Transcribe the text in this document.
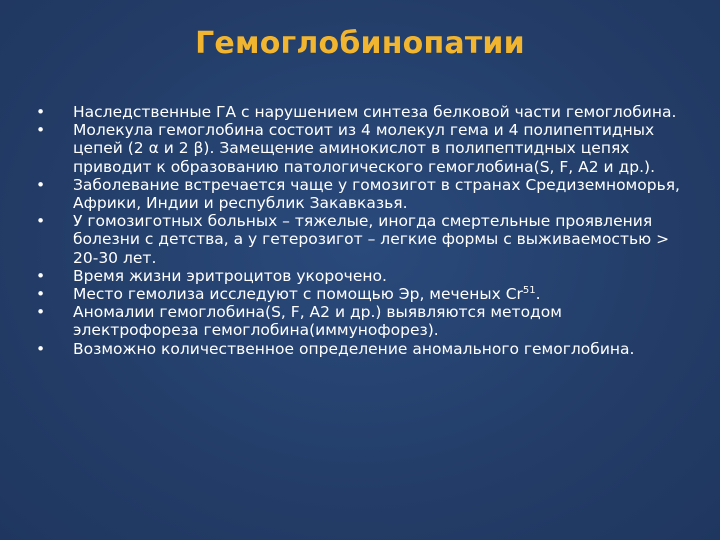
Гемоглобинопатии
•	Наследственные ГА с нарушением синтеза белковой части гемоглобина.
•	Молекула гемоглобина состоит из 4 молекул гема и 4 полипептидных цепей (2 α и 2 β). Замещение аминокислот в полипептидных цепях приводит к образованию патологического гемоглобина(S, F, A2 и др.).
•	Заболевание встречается чаще у гомозигот в странах Средиземноморья, Африки, Индии и республик Закавказья.
•	У гомозиготных больных – тяжелые, иногда смертельные проявления болезни с детства, а у гетерозигот – легкие формы с выживаемостью > 20-30 лет.
•	Время жизни эритроцитов укорочено.
•	Место гемолиза исследуют с помощью Эр, меченых Cr$^{51}$.
•	Аномалии гемоглобина(S, F, A2 и др.) выявляются методом электрофореза гемоглобина(иммунофорез).
•	Возможно количественное определение аномального гемоглобина.
